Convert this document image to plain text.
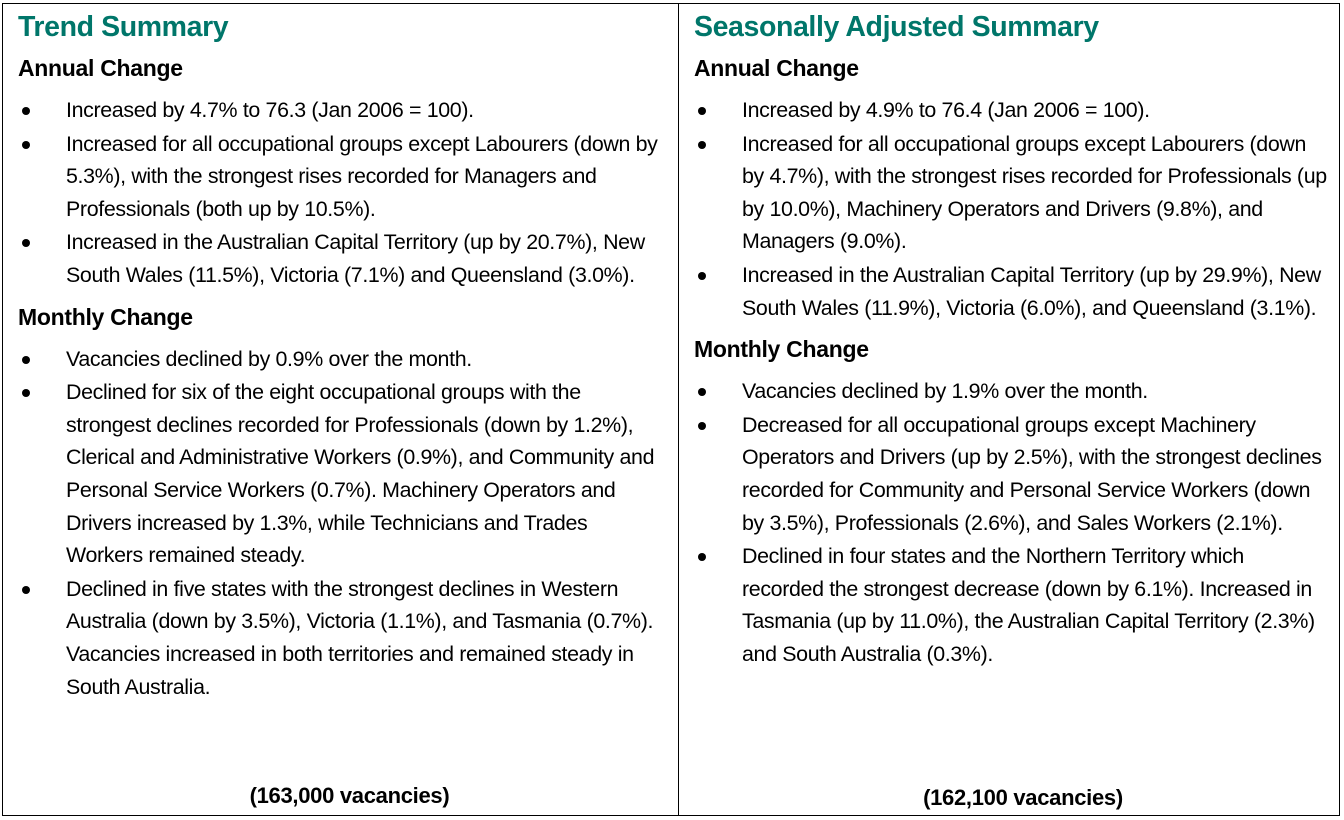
Trend Summary
Annual Change
Increased by 4.7% to 76.3 (Jan 2006 = 100).
Increased for all occupational groups except Labourers (down by 5.3%), with the strongest rises recorded for Managers and Professionals (both up by 10.5%).
Increased in the Australian Capital Territory (up by 20.7%), New South Wales (11.5%), Victoria (7.1%) and Queensland (3.0%).
Monthly Change
Vacancies declined by 0.9% over the month.
Declined for six of the eight occupational groups with the strongest declines recorded for Professionals (down by 1.2%), Clerical and Administrative Workers (0.9%), and Community and Personal Service Workers (0.7%). Machinery Operators and Drivers increased by 1.3%, while Technicians and Trades Workers remained steady.
Declined in five states with the strongest declines in Western Australia (down by 3.5%), Victoria (1.1%), and Tasmania (0.7%). Vacancies increased in both territories and remained steady in South Australia.
(163,000 vacancies)
Seasonally Adjusted Summary
Annual Change
Increased by 4.9% to 76.4 (Jan 2006 = 100).
Increased for all occupational groups except Labourers (down by 4.7%), with the strongest rises recorded for Professionals (up by 10.0%), Machinery Operators and Drivers (9.8%), and Managers (9.0%).
Increased in the Australian Capital Territory (up by 29.9%), New South Wales (11.9%), Victoria (6.0%), and Queensland (3.1%).
Monthly Change
Vacancies declined by 1.9% over the month.
Decreased for all occupational groups except Machinery Operators and Drivers (up by 2.5%), with the strongest declines recorded for Community and Personal Service Workers (down by 3.5%), Professionals (2.6%), and Sales Workers (2.1%).
Declined in four states and the Northern Territory which recorded the strongest decrease (down by 6.1%). Increased in Tasmania (up by 11.0%), the Australian Capital Territory (2.3%) and South Australia (0.3%).
(162,100 vacancies)
